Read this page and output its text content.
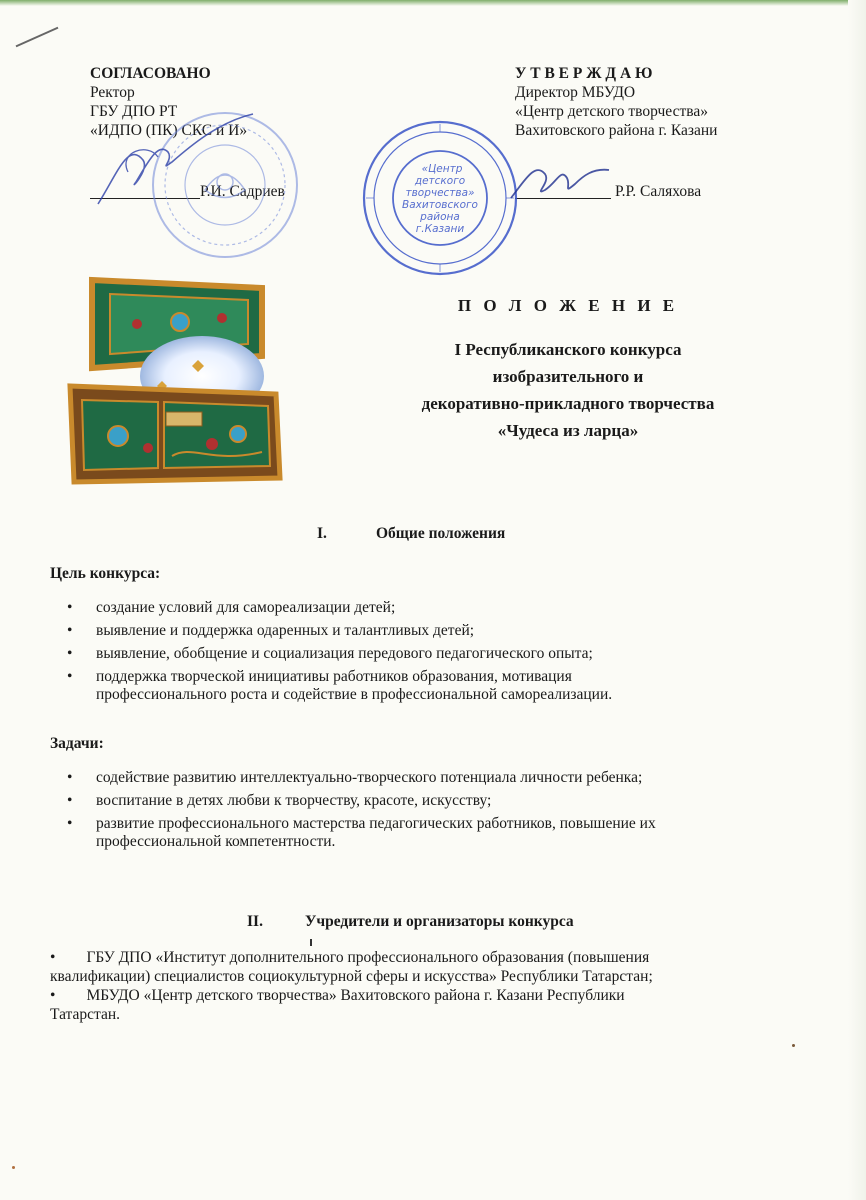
СОГЛАСОВАНО
Ректор
ГБУ ДПО РТ
«ИДПО (ПК) СКС и И»
Р.И. Садриев
У Т В Е Р Ж Д А Ю
Директор МБУДО
«Центр детского творчества»
Вахитовского района г. Казани
Р.Р. Саляхова
«Центр
детского
творчества»
Вахитовского
района
г.Казани
П О Л О Ж Е Н И Е
I Республиканского конкурса
изобразительного и
декоративно-прикладного творчества
«Чудеса из ларца»
I.	Общие положения
Цель конкурса:
• создание условий для самореализации детей;
• выявление и поддержка одаренных и талантливых детей;
• выявление, обобщение и социализация передового педагогического опыта;
• поддержка творческой инициативы работников образования, мотивация
профессионального роста и содействие в профессиональной самореализации.
Задачи:
• содействие развитию интеллектуально-творческого потенциала личности ребенка;
• воспитание в детях любви к творчеству, красоте, искусству;
• развитие профессионального мастерства педагогических работников, повышение их
профессиональной компетентности.
II.	Учредители и организаторы конкурса
•        ГБУ ДПО «Институт дополнительного профессионального образования (повышения
квалификации) специалистов социокультурной сферы и искусства» Республики Татарстан;
•        МБУДО «Центр детского творчества» Вахитовского района г. Казани Республики
Татарстан.
